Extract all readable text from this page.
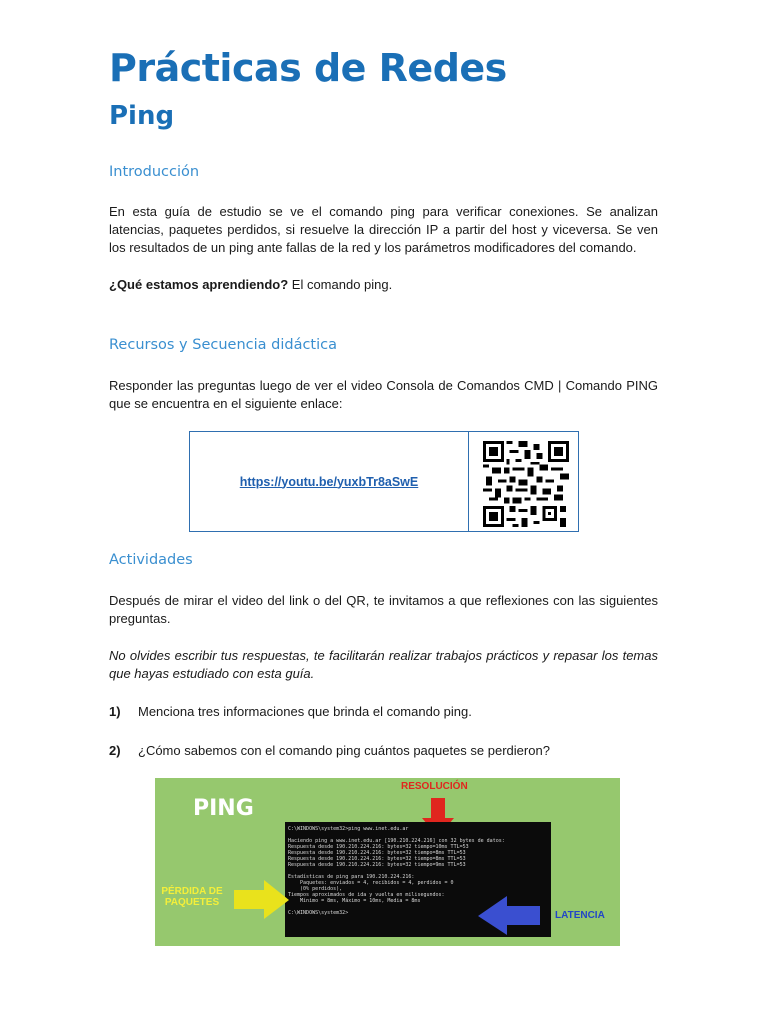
Prácticas de Redes
Ping
Introducción
En esta guía de estudio se ve el comando ping para verificar conexiones. Se analizan latencias, paquetes perdidos, si resuelve la dirección IP a partir del host y viceversa. Se ven los resultados de un ping ante fallas de la red y los parámetros modificadores del comando.
¿Qué estamos aprendiendo? El comando ping.
Recursos y Secuencia didáctica
Responder las preguntas luego de ver el video Consola de Comandos CMD | Comando PING que se encuentra en el siguiente enlace:
https://youtu.be/yuxbTr8aSwE
Actividades
Después de mirar el video del link o del QR, te invitamos a que reflexiones con las siguientes preguntas.
No olvides escribir tus respuestas, te facilitarán realizar trabajos prácticos y repasar los temas que hayas estudiado con esta guía.
1) Menciona tres informaciones que brinda el comando ping.
2) ¿Cómo sabemos con el comando ping cuántos paquetes se perdieron?
PING
RESOLUCIÓN
C:\WINDOWS\system32>ping www.inet.edu.ar

Haciendo ping a www.inet.edu.ar [190.210.224.216] con 32 bytes de datos:
Respuesta desde 190.210.224.216: bytes=32 tiempo=10ms TTL=53
Respuesta desde 190.210.224.216: bytes=32 tiempo=8ms TTL=53
Respuesta desde 190.210.224.216: bytes=32 tiempo=8ms TTL=53
Respuesta desde 190.210.224.216: bytes=32 tiempo=9ms TTL=53

Estadísticas de ping para 190.210.224.216:
Paquetes: enviados = 4, recibidos = 4, perdidos = 0
(0% perdidos),
Tiempos aproximados de ida y vuelta en milisegundos:
Mínimo = 8ms, Máximo = 10ms, Media = 8ms

C:\WINDOWS\system32>
PÉRDIDA DE PAQUETES
LATENCIA
